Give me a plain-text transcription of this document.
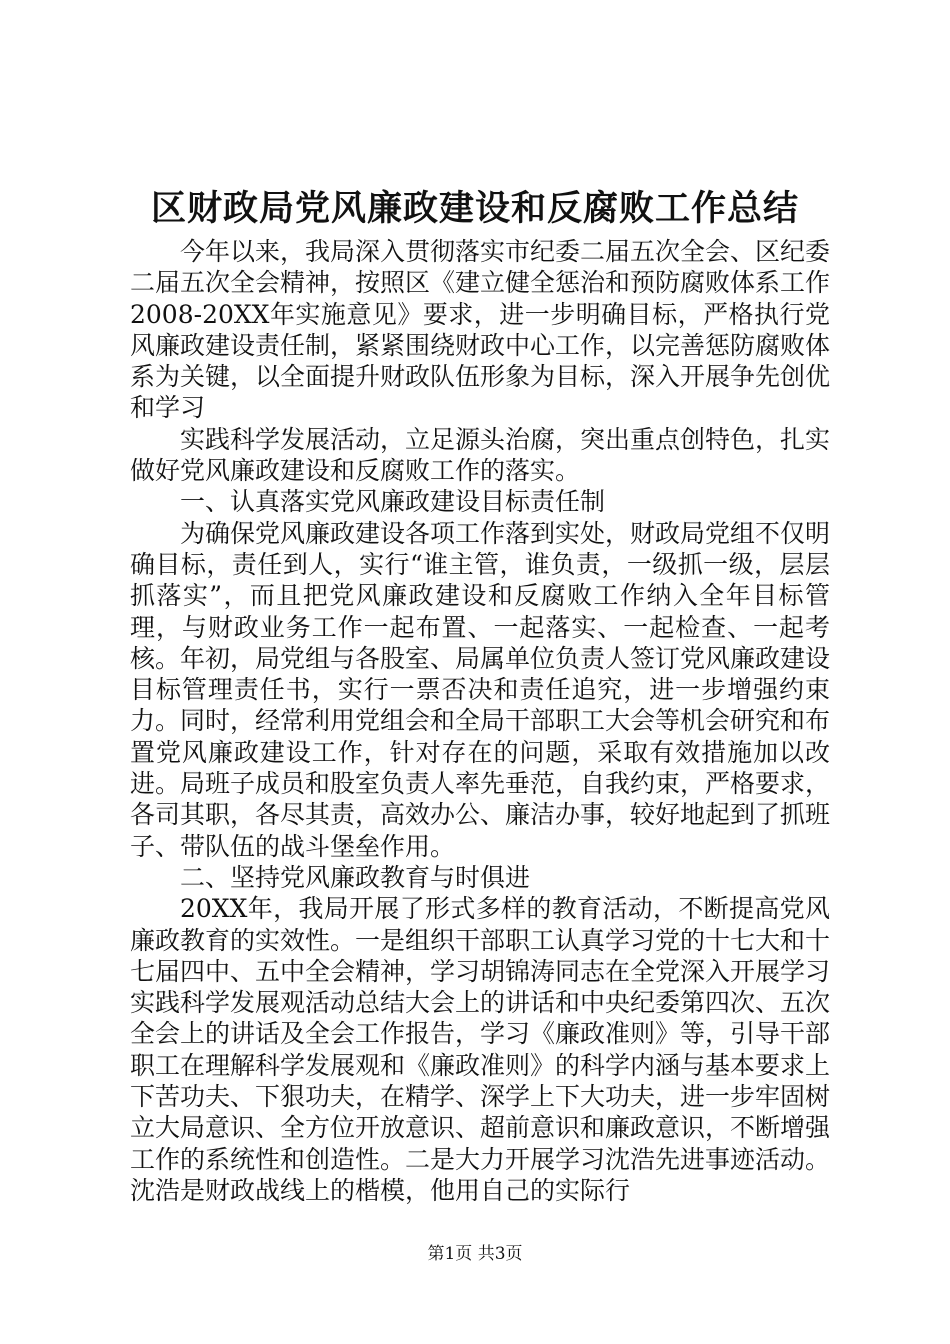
区财政局党风廉政建设和反腐败工作总结

今年以来，我局深入贯彻落实市纪委二届五次全会、区纪委二届五次全会精神，按照区《建立健全惩治和预防腐败体系工作2008-20XX年实施意见》要求，进一步明确目标，严格执行党风廉政建设责任制，紧紧围绕财政中心工作，以完善惩防腐败体系为关键，以全面提升财政队伍形象为目标，深入开展争先创优和学习

实践科学发展活动，立足源头治腐，突出重点创特色，扎实做好党风廉政建设和反腐败工作的落实。

一、认真落实党风廉政建设目标责任制

为确保党风廉政建设各项工作落到实处，财政局党组不仅明确目标，责任到人，实行“谁主管，谁负责，一级抓一级，层层抓落实”，而且把党风廉政建设和反腐败工作纳入全年目标管理，与财政业务工作一起布置、一起落实、一起检查、一起考核。年初，局党组与各股室、局属单位负责人签订党风廉政建设目标管理责任书，实行一票否决和责任追究，进一步增强约束力。同时，经常利用党组会和全局干部职工大会等机会研究和布置党风廉政建设工作，针对存在的问题，采取有效措施加以改进。局班子成员和股室负责人率先垂范，自我约束，严格要求，各司其职，各尽其责，高效办公、廉洁办事，较好地起到了抓班子、带队伍的战斗堡垒作用。

二、坚持党风廉政教育与时俱进

20XX年，我局开展了形式多样的教育活动，不断提高党风廉政教育的实效性。一是组织干部职工认真学习党的十七大和十七届四中、五中全会精神，学习胡锦涛同志在全党深入开展学习实践科学发展观活动总结大会上的讲话和中央纪委第四次、五次全会上的讲话及全会工作报告，学习《廉政准则》等，引导干部职工在理解科学发展观和《廉政准则》的科学内涵与基本要求上下苦功夫、下狠功夫，在精学、深学上下大功夫，进一步牢固树立大局意识、全方位开放意识、超前意识和廉政意识，不断增强工作的系统性和创造性。二是大力开展学习沈浩先进事迹活动。沈浩是财政战线上的楷模，他用自己的实际行

第1页 共3页
